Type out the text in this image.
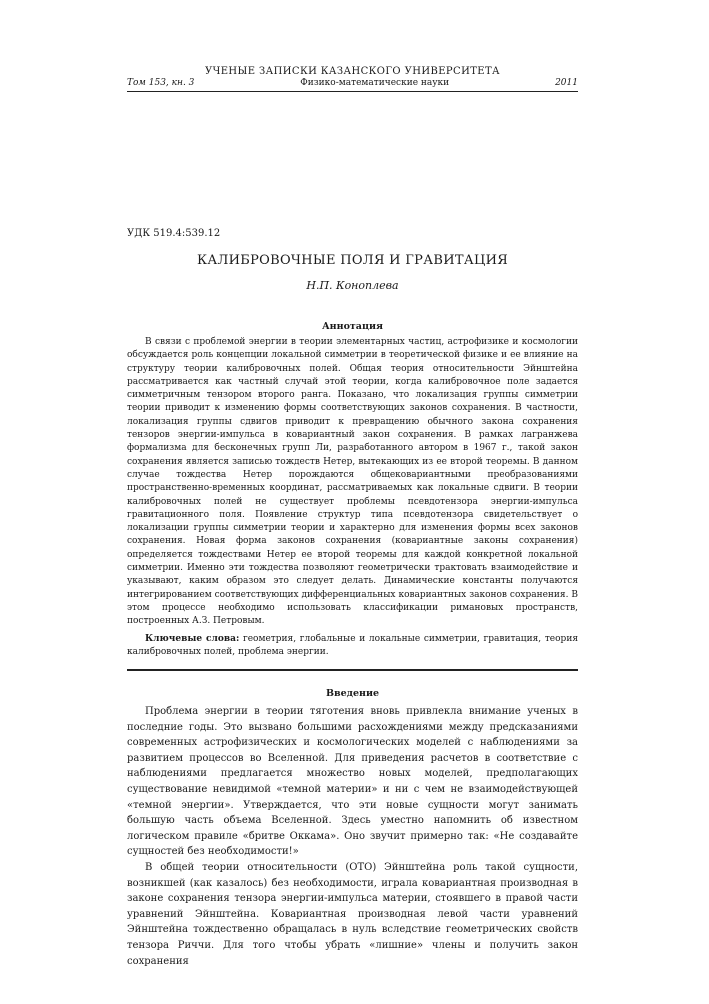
УЧЕНЫЕ ЗАПИСКИ КАЗАНСКОГО УНИВЕРСИТЕТА
Том 153, кн. 3	Физико-математические науки	2011
УДК 519.4:539.12
КАЛИБРОВОЧНЫЕ ПОЛЯ И ГРАВИТАЦИЯ
Н.П. Коноплева
Аннотация

В связи с проблемой энергии в теории элементарных частиц, астрофизике и космологии обсуждается роль концепции локальной симметрии в теоретической физике и ее влияние на структуру теории калибровочных полей. Общая теория относительности Эйнштейна рассматривается как частный случай этой теории, когда калибровочное поле задается симметричным тензором второго ранга. Показано, что локализация группы симметрии теории приводит к изменению формы соответствующих законов сохранения. В частности, локализация группы сдвигов приводит к превращению обычного закона сохранения тензоров энергии-импульса в ковариантный закон сохранения. В рамках лагранжева формализма для бесконечных групп Ли, разработанного автором в 1967 г., такой закон сохранения является записью тождеств Нетер, вытекающих из ее второй теоремы. В данном случае тождества Нетер порождаются общековариантными преобразованиями пространственно-временных координат, рассматриваемых как локальные сдвиги. В теории калибровочных полей не существует проблемы псевдотензора энергии-импульса гравитационного поля. Появление структур типа псевдотензора свидетельствует о локализации группы симметрии теории и характерно для изменения формы всех законов сохранения. Новая форма законов сохранения (ковариантные законы сохранения) определяется тождествами Нетер ее второй теоремы для каждой конкретной локальной симметрии. Именно эти тождества позволяют геометрически трактовать взаимодействие и указывают, каким образом это следует делать. Динамические константы получаются интегрированием соответствующих дифференциальных ковариантных законов сохранения. В этом процессе необходимо использовать классификации римановых пространств, построенных А.З. Петровым.

Ключевые слова: геометрия, глобальные и локальные симметрии, гравитация, теория калибровочных полей, проблема энергии.

Введение

Проблема энергии в теории тяготения вновь привлекла внимание ученых в последние годы. Это вызвано большими расхождениями между предсказаниями современных астрофизических и космологических моделей с наблюдениями за развитием процессов во Вселенной. Для приведения расчетов в соответствие с наблюдениями предлагается множество новых моделей, предполагающих существование невидимой «темной материи» и ни с чем не взаимодействующей «темной энергии». Утверждается, что эти новые сущности могут занимать большую часть объема Вселенной. Здесь уместно напомнить об известном логическом правиле «бритве Оккама». Оно звучит примерно так: «Не создавайте сущностей без необходимости!»

В общей теории относительности (ОТО) Эйнштейна роль такой сущности, возникшей (как казалось) без необходимости, играла ковариантная производная в законе сохранения тензора энергии-импульса материи, стоявшего в правой части уравнений Эйнштейна. Ковариантная производная левой части уравнений Эйнштейна тождественно обращалась в нуль вследствие геометрических свойств тензора Риччи. Для того чтобы убрать «лишние» члены и получить закон сохранения
